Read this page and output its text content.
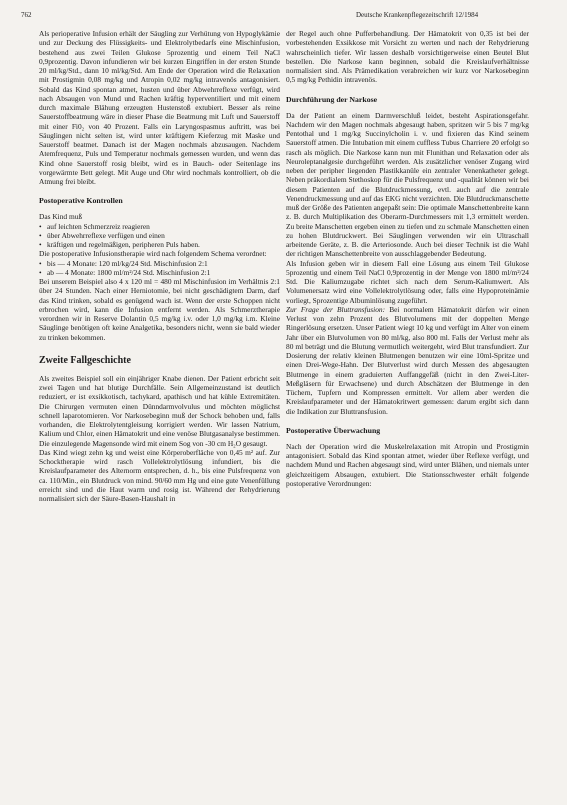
762	Deutsche Krankenpflegezeitschrift 12/1984

Als perioperative Infusion erhält der Säugling zur Verhütung von Hypoglykämie und zur Deckung des Flüssigkeits- und Elektrolytbedarfs eine Mischinfusion, bestehend aus zwei Teilen Glukose 5prozentig und einem Teil NaCl 0,9prozentig. Davon infundieren wir bei kurzen Eingriffen in der ersten Stunde 20 ml/kg/Std., dann 10 ml/kg/Std. Am Ende der Operation wird die Relaxation mit Prostigmin 0,08 mg/kg und Atropin 0,02 mg/kg intravenös antagonisiert. Sobald das Kind spontan atmet, husten und über Abwehrreflexe verfügt, wird nach Absaugen von Mund und Rachen kräftig hyperventiliert und mit einem durch maximale Blähung erzeugten Hustenstoß extubiert. Besser als reine Sauerstoffbeatmung wäre in dieser Phase die Beatmung mit Luft und Sauerstoff mit einer Fi0₂ von 40 Prozent. Falls ein Laryngospasmus auftritt, was bei Säuglingen nicht selten ist, wird unter kräftigem Kieferzug mit Maske und Sauerstoff beatmet. Danach ist der Magen nochmals abzusaugen. Nachdem Atemfrequenz, Puls und Temperatur nochmals gemessen wurden, und wenn das Kind ohne Sauerstoff rosig bleibt, wird es in Bauch- oder Seitenlage ins vorgewärmte Bett gelegt. Mit Auge und Ohr wird nochmals kontrolliert, ob die Atmung frei bleibt.

Postoperative Kontrollen

Das Kind muß

• auf leichten Schmerzreiz reagieren
• über Abwehrreflexe verfügen und einen
• kräftigen und regelmäßigen, peripheren Puls haben.

Die postoperative Infusionstherapie wird nach folgendem Schema verordnet:

• bis — 4 Monate: 120 ml/kg/24 Std. Mischinfusion 2:1
• ab — 4 Monate: 1800 ml/m²/24 Std. Mischinfusion 2:1

Bei unserem Beispiel also 4 x 120 ml = 480 ml Mischinfusion im Verhältnis 2:1 über 24 Stunden. Nach einer Herniotomie, bei nicht geschädigtem Darm, darf das Kind trinken, sobald es genügend wach ist. Wenn der erste Schoppen nicht erbrochen wird, kann die Infusion entfernt werden. Als Schmerztherapie verordnen wir in Reserve Dolantin 0,5 mg/kg i.v. oder 1,0 mg/kg i.m. Kleine Säuglinge benötigen oft keine Analgetika, besonders nicht, wenn sie bald wieder zu trinken bekommen.

Zweite Fallgeschichte

Als zweites Beispiel soll ein einjähriger Knabe dienen. Der Patient erbricht seit zwei Tagen und hat blutige Durchfälle. Sein Allgemeinzustand ist deutlich reduziert, er ist exsikkotisch, tachykard, apathisch und hat kühle Extremitäten. Die Chirurgen vermuten einen Dünndarmvolvulus und möchten möglichst schnell laparotomieren. Vor Narkosebeginn muß der Schock behoben und, falls vorhanden, die Elektrolytentgleisung korrigiert werden. Wir lassen Natrium, Kalium und Chlor, einen Hämatokrit und eine venöse Blutgasanalyse bestimmen. Die einzulegende Magensonde wird mit einem Sog von -30 cm H₂O gesaugt.

Das Kind wiegt zehn kg und weist eine Körperoberfläche von 0,45 m² auf. Zur Schocktherapie wird rasch Vollelektrolytlösung infundiert, bis die Kreislaufparameter des Alternorm entsprechen, d. h., bis eine Pulsfrequenz von ca. 110/Min., ein Blutdruck von mind. 90/60 mm Hg und eine gute Venenfüllung erreicht sind und die Haut warm und rosig ist. Während der Rehydrierung normalisiert sich der Säure-Basen-Haushalt in

der Regel auch ohne Pufferbehandlung. Der Hämatokrit von 0,35 ist bei der vorbestehenden Exsikkose mit Vorsicht zu werten und nach der Rehydrierung wahrscheinlich tiefer. Wir lassen deshalb vorsichtigerweise einen Beutel Blut bestellen. Die Narkose kann beginnen, sobald die Kreislaufverhältnisse normalisiert sind. Als Prämedikation verabreichen wir kurz vor Narkosebeginn 0,5 mg/kg Pethidin intravenös.

Durchführung der Narkose

Da der Patient an einem Darmverschluß leidet, besteht Aspirationsgefahr. Nachdem wir den Magen nochmals abgesaugt haben, spritzen wir 5 bis 7 mg/kg Pentothal und 1 mg/kg Succinylcholin i. v. und fixieren das Kind seinem Sauerstoff atmen. Die Intubation mit einem cuffless Tubus Charriere 20 erfolgt so rasch als möglich. Die Narkose kann nun mit Flunithan und Relaxation oder als Neuroleptanalgesie durchgeführt werden. Als zusätzlicher venöser Zugang wird neben der peripher liegenden Plastikkanüle ein zentraler Venenkatheter gelegt. Neben präkordialem Stethoskop für die Pulsfrequenz und -qualität können wir bei diesem Patienten auf die Blutdruckmessung, evtl. auch auf die zentrale Venendruckmessung und auf das EKG nicht verzichten. Die Blutdruckmanschette muß der Größe des Patienten angepaßt sein: Die optimale Manschettenbreite kann z. B. durch Multiplikation des Oberarm-Durchmessers mit 1,3 ermittelt werden. Zu breite Manschetten ergeben einen zu tiefen und zu schmale Manschetten einen zu hohen Blutdruckwert. Bei Säuglingen verwenden wir ein Ultraschall arbeitende Geräte, z. B. die Arteriosonde. Auch bei dieser Technik ist die Wahl der richtigen Manschettenbreite von ausschlaggebender Bedeutung.

Als Infusion geben wir in diesem Fall eine Lösung aus einem Teil Glukose 5prozentig und einem Teil NaCl 0,9prozentig in der Menge von 1800 ml/m²/24 Std. Die Kaliumzugabe richtet sich nach dem Serum-Kaliumwert. Als Volumenersatz wird eine Vollelektrolytlösung oder, falls eine Hypoproteinämie vorliegt, Sprozentige Albuminlösung zugeführt.

Zur Frage der Bluttransfusion: Bei normalem Hämatokrit dürfen wir einen Verlust von zehn Prozent des Blutvolumens mit der doppelten Menge Ringerlösung ersetzen. Unser Patient wiegt 10 kg und verfügt im Alter von einem Jahr über ein Blutvolumen von 80 ml/kg, also 800 ml. Falls der Verlust mehr als 80 ml beträgt und die Blutung vermutlich weitergeht, wird Blut transfundiert. Zur Dosierung der relativ kleinen Blutmengen benutzen wir eine 10ml-Spritze und einen Drei-Wege-Hahn. Der Blutverlust wird durch Messen des abgesaugten Blutmenge in einem graduierten Auffanggefäß (nicht in den Zwei-Liter-Meßgläsern für Erwachsene) und durch Abschätzen der Blutmenge in den Tüchern, Tupfern und Kompressen ermittelt. Vor allem aber werden die Kreislaufparameter und der Hämatokritwert gemessen: darum ergibt sich dann die Indikation zur Bluttransfusion.

Postoperative Überwachung

Nach der Operation wird die Muskelrelaxation mit Atropin und Prostigmin antagonisiert. Sobald das Kind spontan atmet, wieder über Reflexe verfügt, und nachdem Mund und Rachen abgesaugt sind, wird unter Blähen, und niemals unter gleichzeitigem Absaugen, extubiert. Die Stationsschwester erhält folgende postoperative Verordnungen:
